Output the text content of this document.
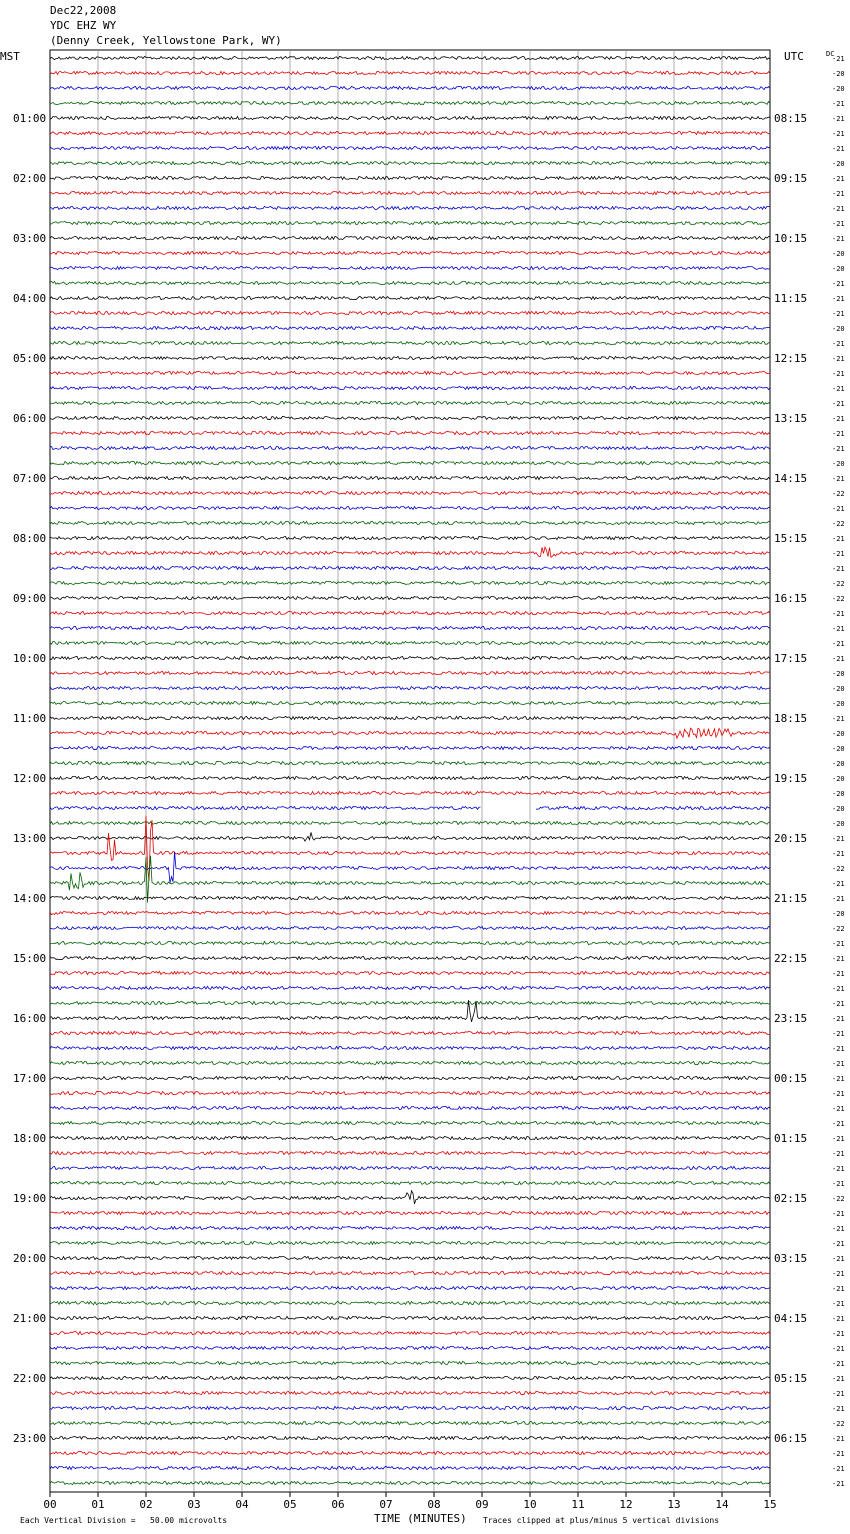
Dec22,2008
YDC EHZ WY
(Denny Creek, Yellowstone Park, WY)
MST	UTC	DC
-21
-20
-20
-21
-21
-21
-21
-20
-21
-21
-21
-21
-21
-20
-20
-21
-21
-21
-20
-21
-21
-21
-21
-21
-21
-21
-21
-20
-21
-22
-21
-22
-21
-21
-21
-22
-22
-21
-21
-21
-21
-20
-20
-20
-21
-20
-20
-20
-20
-20
-20
-20
-21
-21
-22
-21
-21
-20
-22
-21
-21
-21
-21
-21
-21
-21
-21
-21
-21
-21
-21
-21
-21
-21
-21
-21
-22
-21
-21
-21
-21
-21
-21
-21
-21
-21
-21
-21
-21
-21
-21
-22
-21
-21
-21
-21
01:00
02:00
03:00
04:00
05:00
06:00
07:00
08:00
09:00
10:00
11:00
12:00
13:00
14:00
15:00
16:00
17:00
18:00
19:00
20:00
21:00
22:00
23:00
08:15
09:15
10:15
11:15
12:15
13:15
14:15
15:15
16:15
17:15
18:15
19:15
20:15
21:15
22:15
23:15
00:15
01:15
02:15
03:15
04:15
05:15
06:15
00	01	02	03	04	05	06	07	08	09	10	11	12	13	14	15
Each Vertical Division =   50.00 microvolts	TIME (MINUTES) Traces clipped at plus/minus 5 vertical divisions
